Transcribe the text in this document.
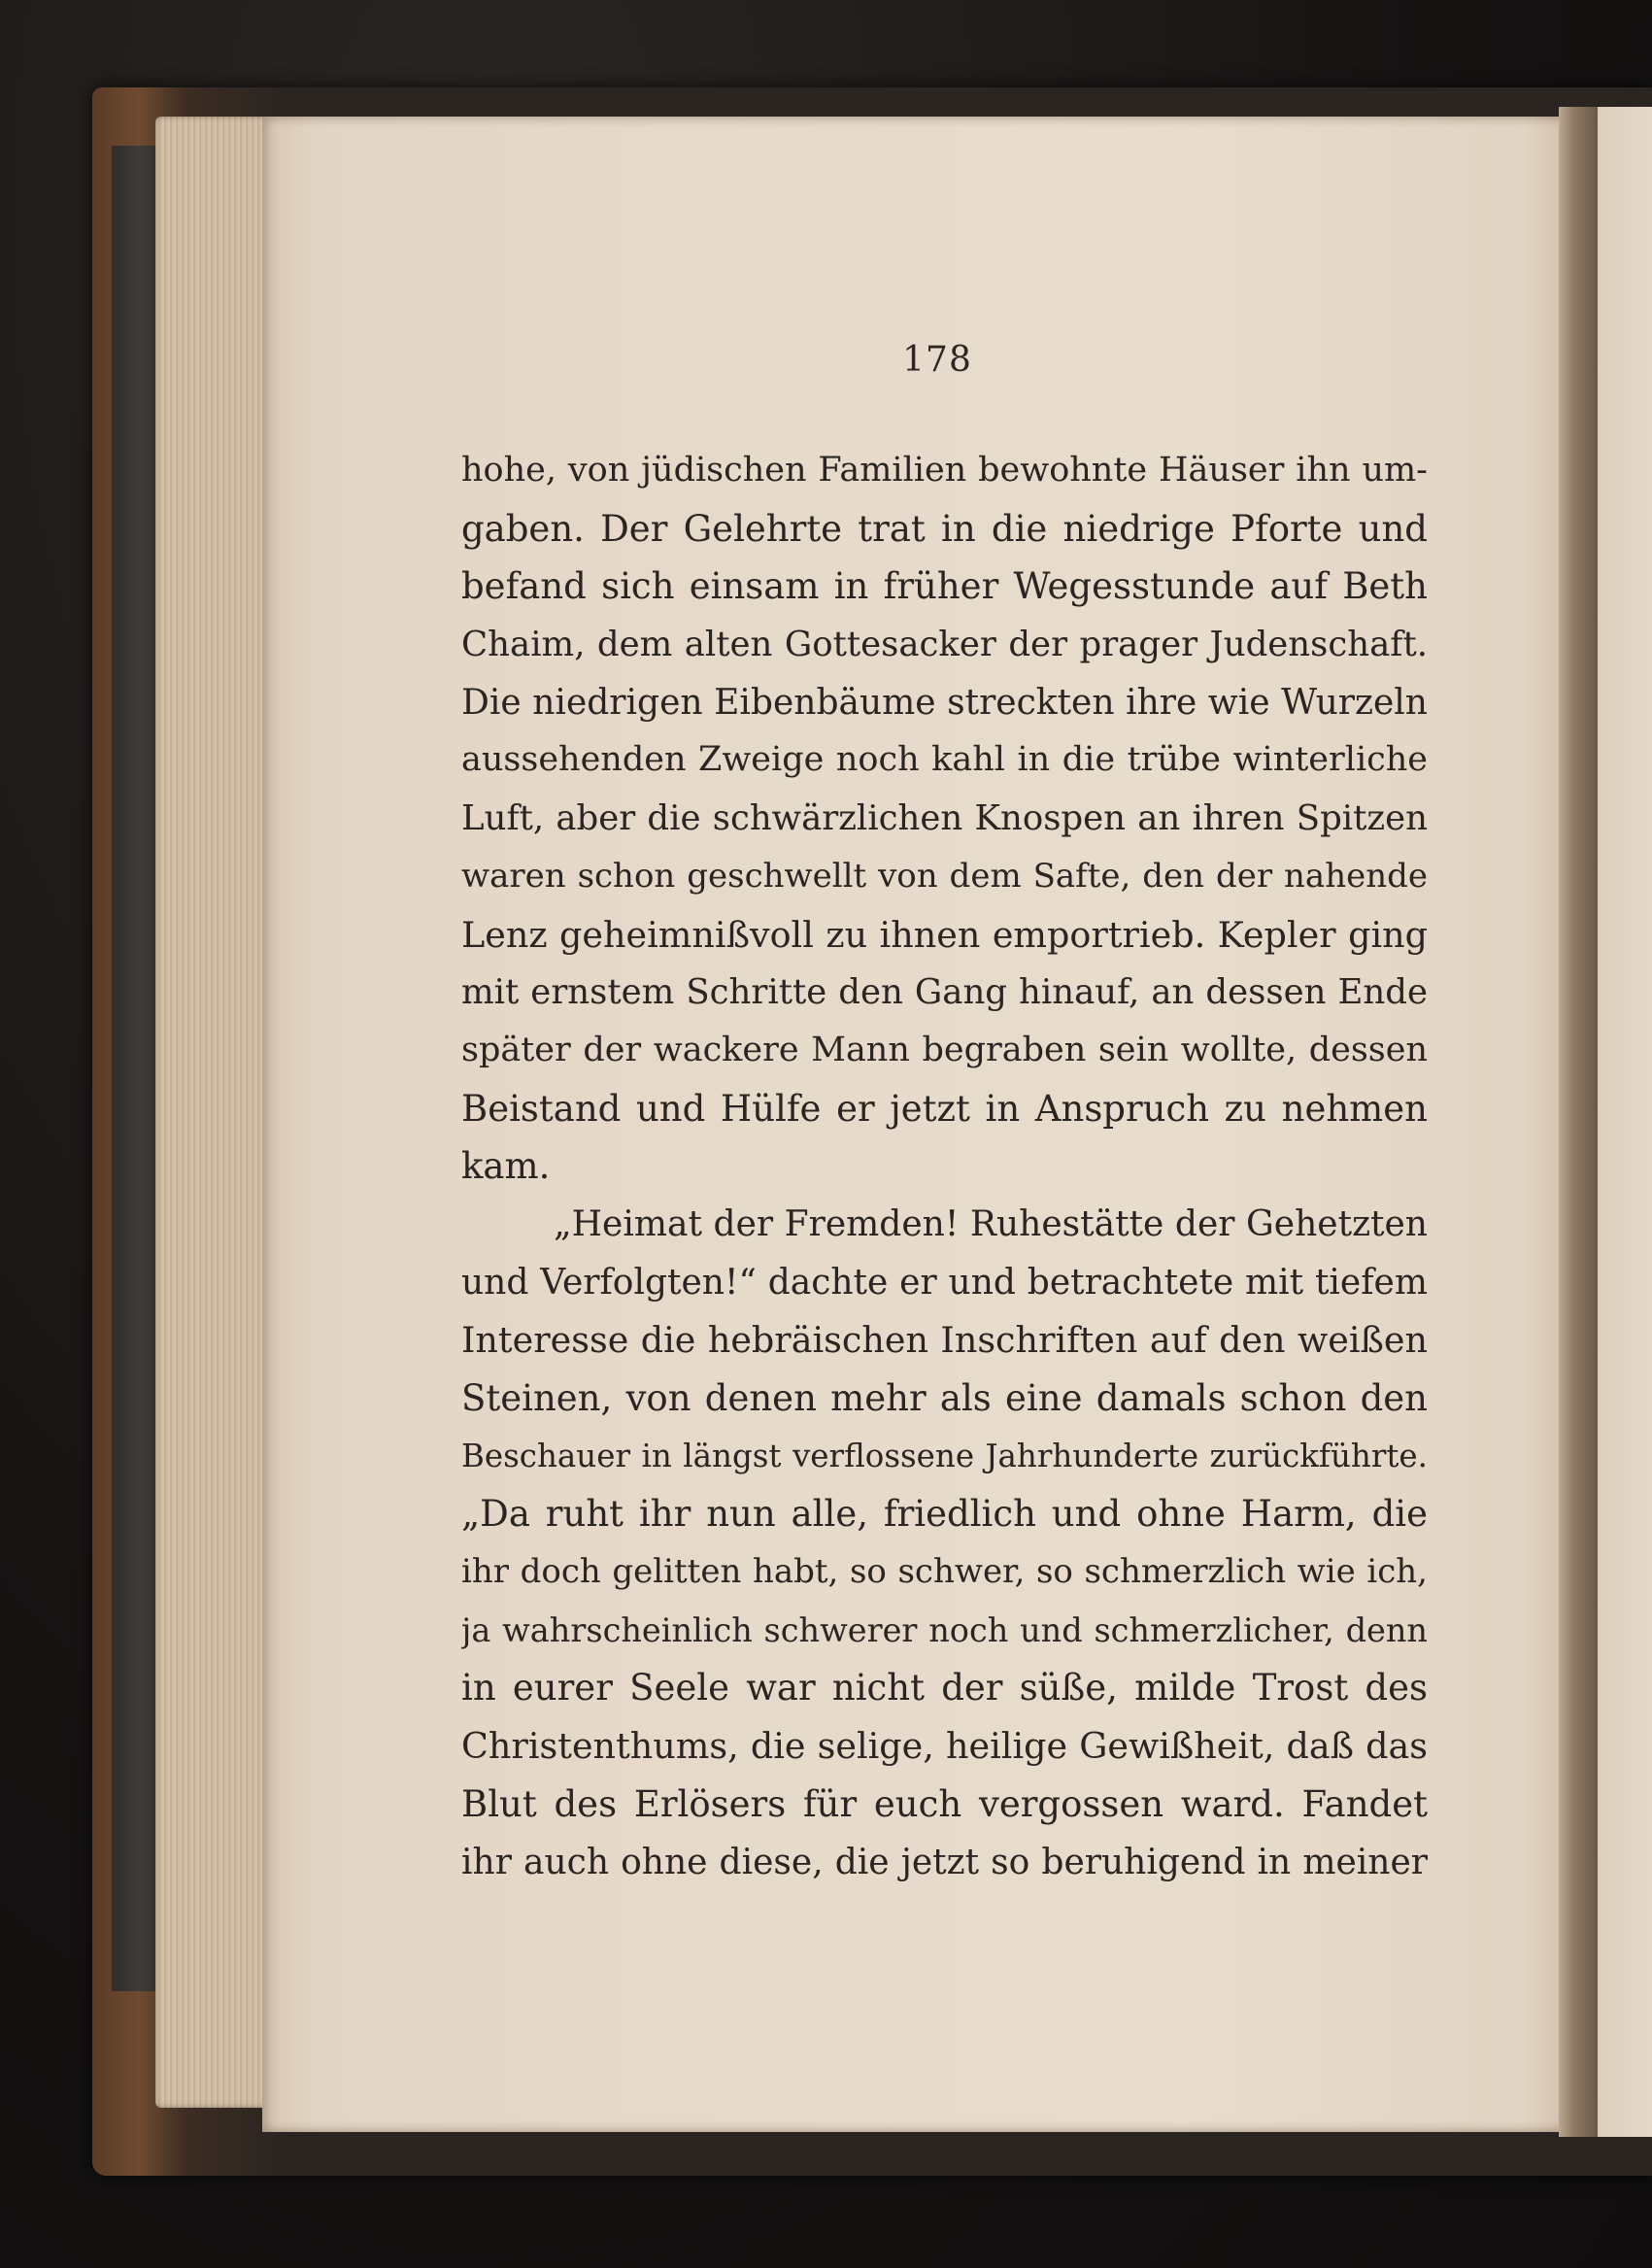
178
hohe, von jüdischen Familien bewohnte Häuser ihn um-
gaben. Der Gelehrte trat in die niedrige Pforte und
befand sich einsam in früher Wegesstunde auf Beth
Chaim, dem alten Gottesacker der prager Judenschaft.
Die niedrigen Eibenbäume streckten ihre wie Wurzeln
aussehenden Zweige noch kahl in die trübe winterliche
Luft, aber die schwärzlichen Knospen an ihren Spitzen
waren schon geschwellt von dem Safte, den der nahende
Lenz geheimnißvoll zu ihnen emportrieb. Kepler ging
mit ernstem Schritte den Gang hinauf, an dessen Ende
später der wackere Mann begraben sein wollte, dessen
Beistand und Hülfe er jetzt in Anspruch zu nehmen
kam.
„Heimat der Fremden! Ruhestätte der Gehetzten
und Verfolgten!“ dachte er und betrachtete mit tiefem
Interesse die hebräischen Inschriften auf den weißen
Steinen, von denen mehr als eine damals schon den
Beschauer in längst verflossene Jahrhunderte zurückführte.
„Da ruht ihr nun alle, friedlich und ohne Harm, die
ihr doch gelitten habt, so schwer, so schmerzlich wie ich,
ja wahrscheinlich schwerer noch und schmerzlicher, denn
in eurer Seele war nicht der süße, milde Trost des
Christenthums, die selige, heilige Gewißheit, daß das
Blut des Erlösers für euch vergossen ward. Fandet
ihr auch ohne diese, die jetzt so beruhigend in meiner
